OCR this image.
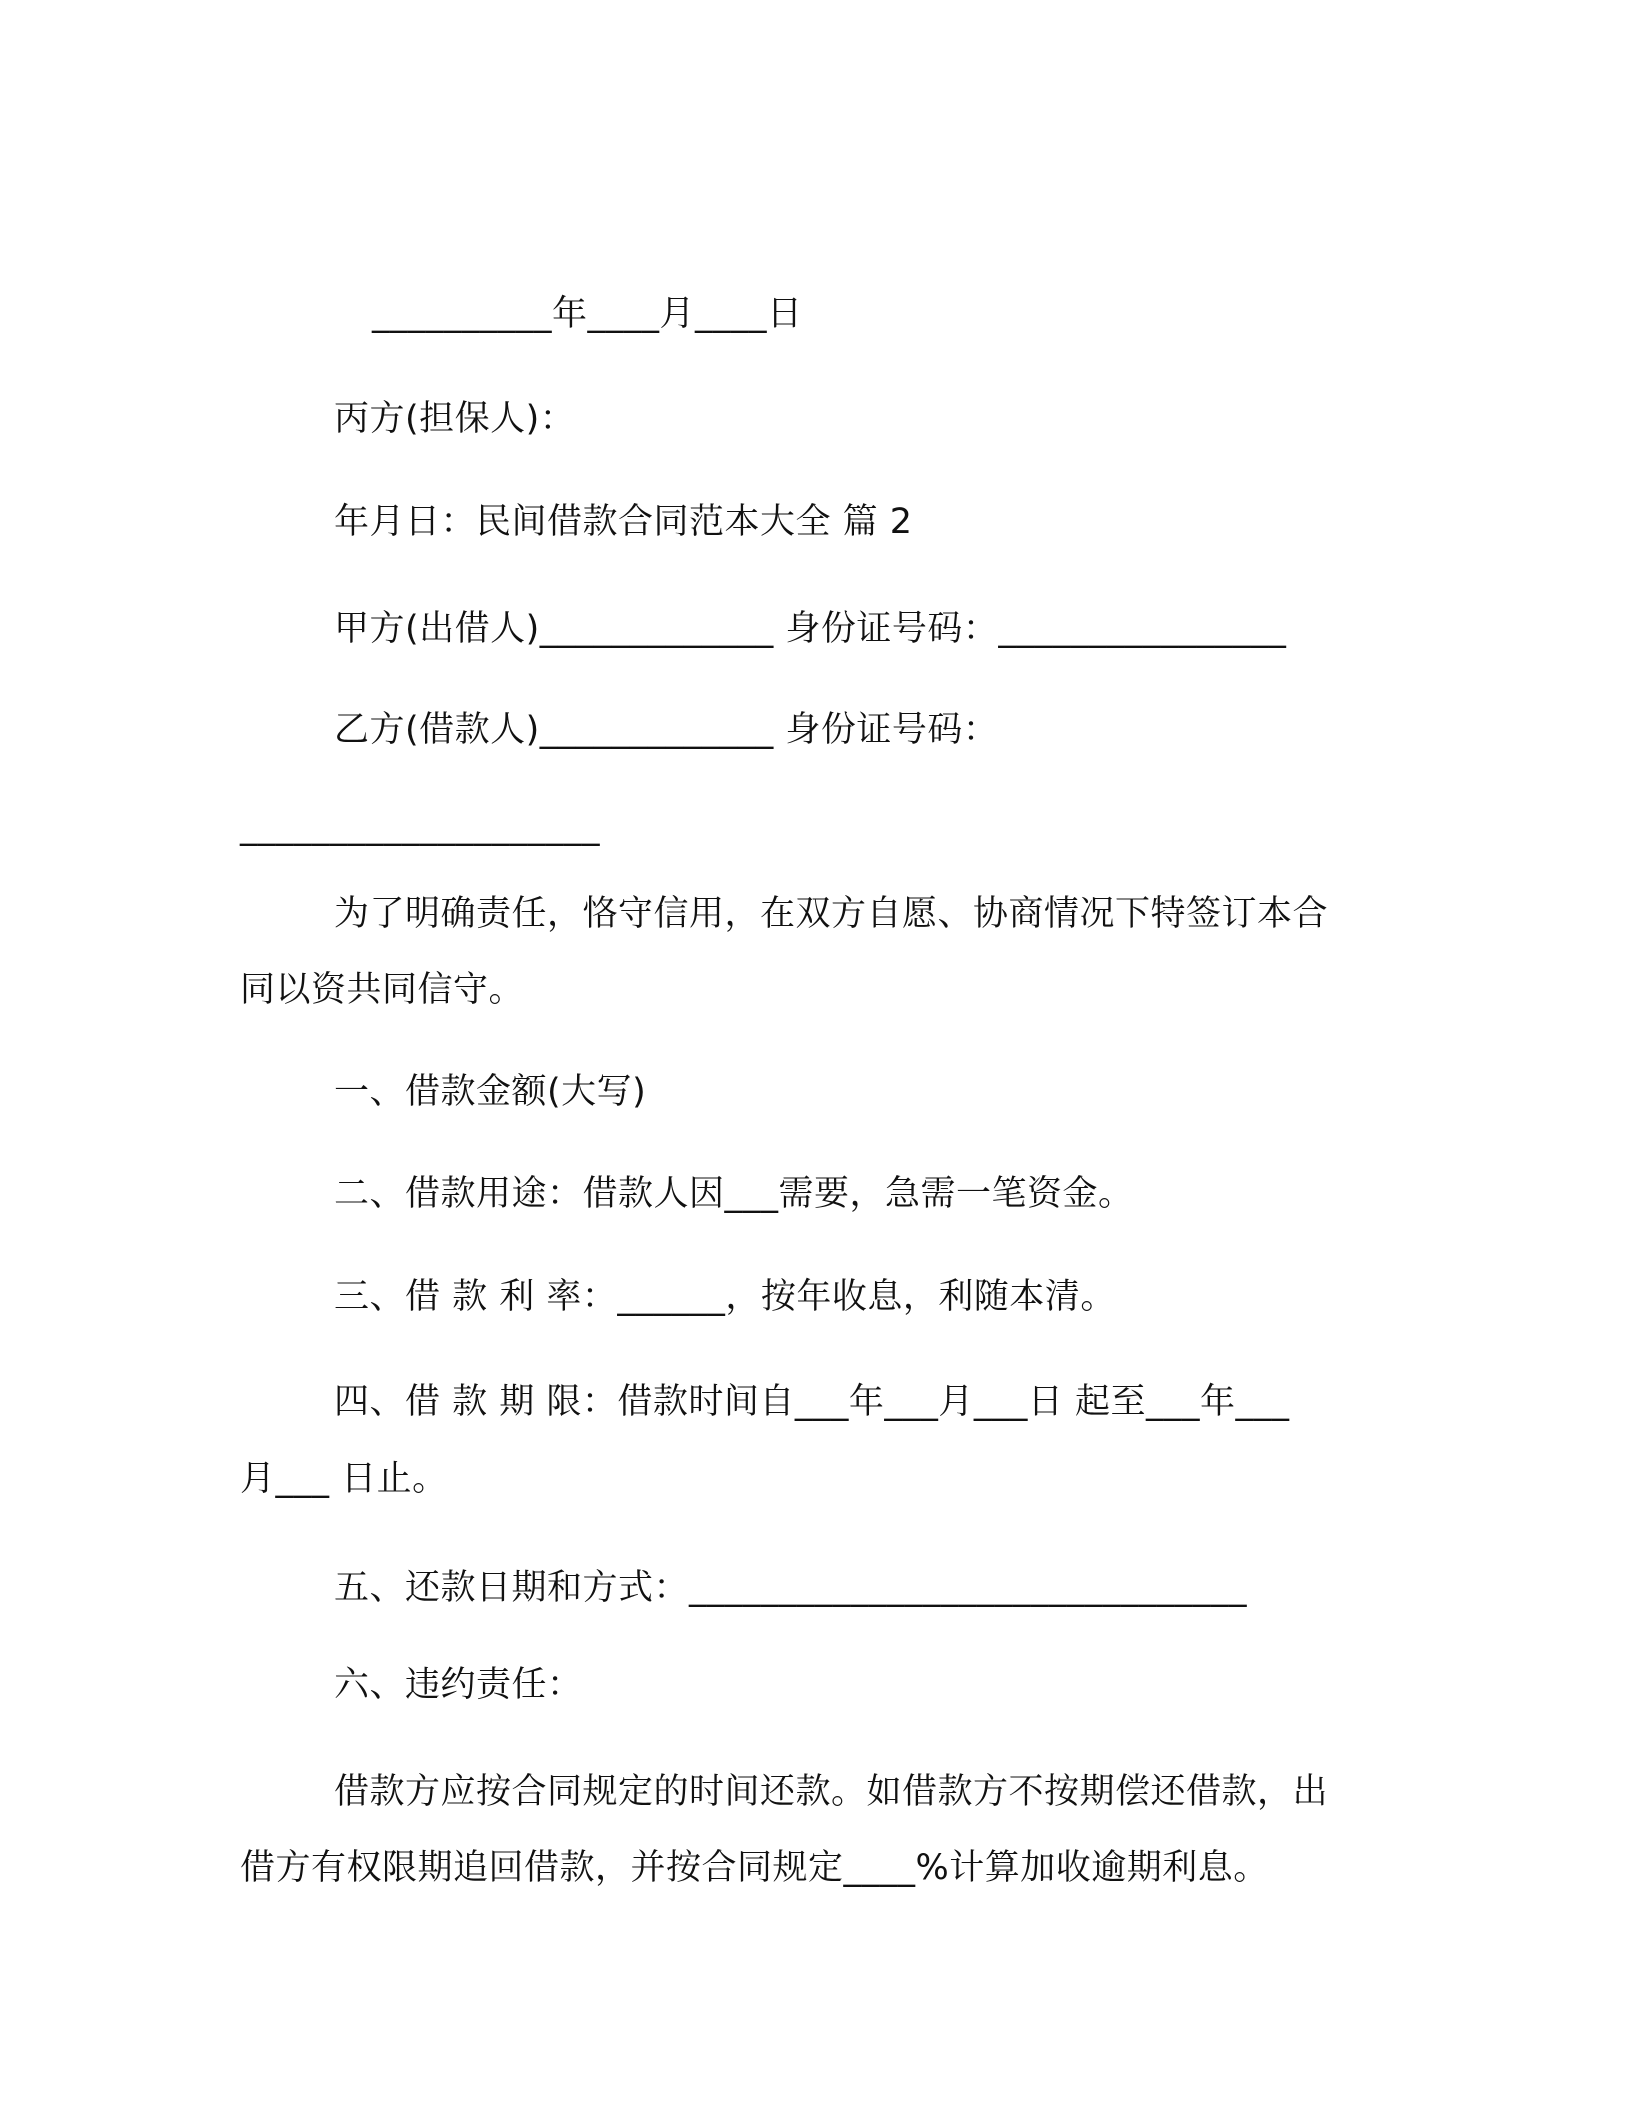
__________年____月____日
丙方(担保人)：
年月日：民间借款合同范本大全 篇 2
甲方(出借人)_____________ 身份证号码：________________
乙方(借款人)_____________ 身份证号码：
____________________
为了明确责任，恪守信用，在双方自愿、协商情况下特签订本合
同以资共同信守。
一、借款金额(大写)
二、借款用途：借款人因___需要，急需一笔资金。
三、借 款 利 率：______，按年收息，利随本清。
四、借 款 期 限：借款时间自___年___月___日 起至___年___
月___ 日止。
五、还款日期和方式：_______________________________
六、违约责任：
借款方应按合同规定的时间还款。如借款方不按期偿还借款，出
借方有权限期追回借款，并按合同规定____%计算加收逾期利息。
